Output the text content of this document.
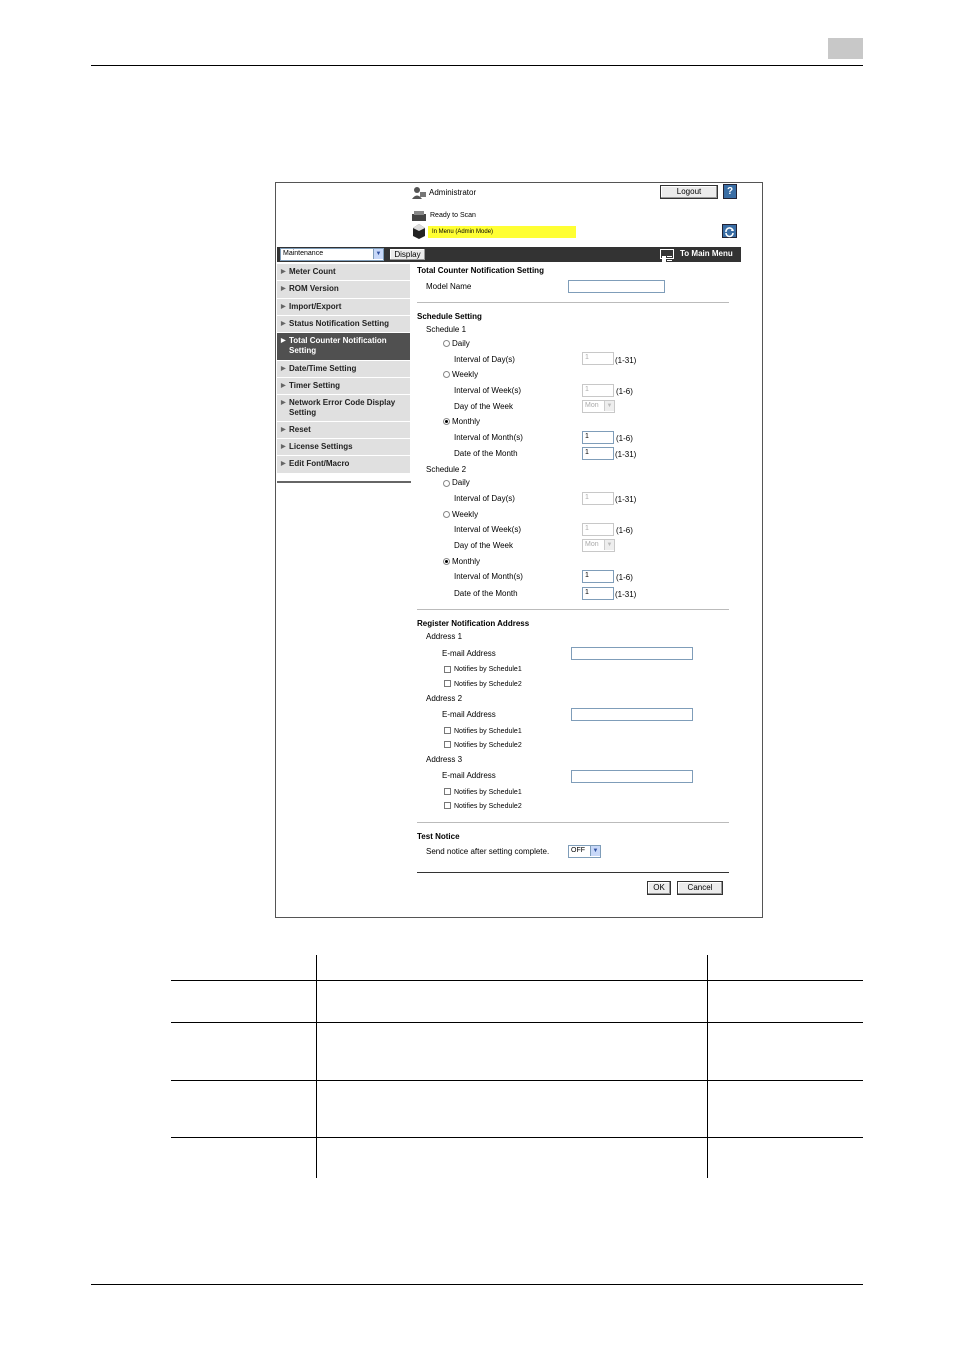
Administrator	Logout	?
Ready to Scan
In Menu (Admin Mode)
Maintenance	▼	Display	To Main Menu
▶ Meter Count
▶ ROM Version
▶ Import/Export
▶ Status Notification Setting
▶ Total Counter Notification Setting
▶ Date/Time Setting
▶ Timer Setting
▶ Network Error Code Display Setting
▶ Reset
▶ License Settings
▶ Edit Font/Macro
Total Counter Notification Setting
Model Name
Schedule Setting
Schedule 1
Daily
Interval of Day(s)	1	(1-31)
Weekly
Interval of Week(s)	1	(1-6)
Day of the Week	Mon	▼
Monthly
Interval of Month(s)	1	(1-6)
Date of the Month	1	(1-31)
Schedule 2
Daily
Interval of Day(s)	1	(1-31)
Weekly
Interval of Week(s)	1	(1-6)
Day of the Week	Mon	▼
Monthly
Interval of Month(s)	1	(1-6)
Date of the Month	1	(1-31)
Register Notification Address
Address 1
E-mail Address
Notifies by Schedule1
Notifies by Schedule2
Address 2
E-mail Address
Notifies by Schedule1
Notifies by Schedule2
Address 3
E-mail Address
Notifies by Schedule1
Notifies by Schedule2
Test Notice
Send notice after setting complete.	OFF	▼
OK	Cancel
